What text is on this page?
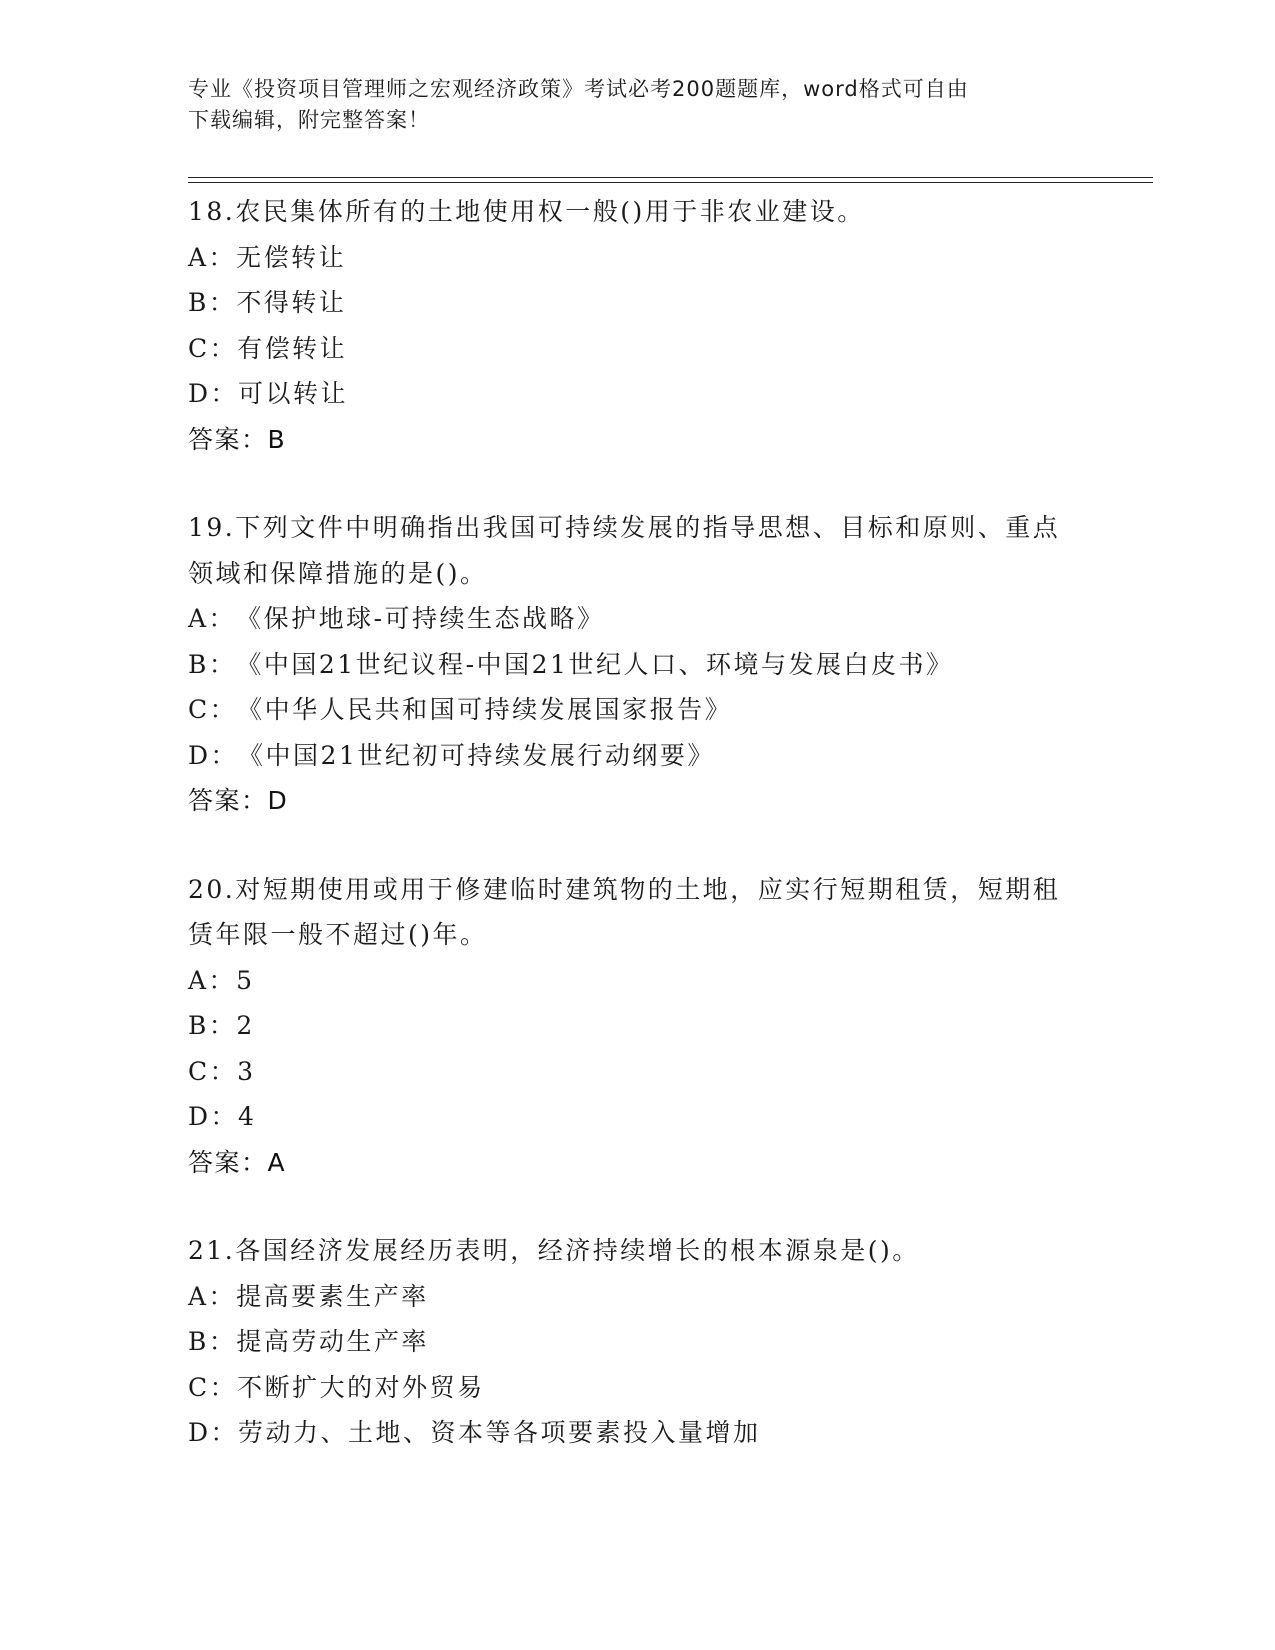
专业《投资项目管理师之宏观经济政策》考试必考200题题库，word格式可自由
下载编辑，附完整答案！
18.农民集体所有的土地使用权一般()用于非农业建设。
A：无偿转让
B：不得转让
C：有偿转让
D：可以转让
答案：B
19.下列文件中明确指出我国可持续发展的指导思想、目标和原则、重点领域和保障措施的是()。
A：《保护地球-可持续生态战略》
B：《中国21世纪议程-中国21世纪人口、环境与发展白皮书》
C：《中华人民共和国可持续发展国家报告》
D：《中国21世纪初可持续发展行动纲要》
答案：D
20.对短期使用或用于修建临时建筑物的土地，应实行短期租赁，短期租赁年限一般不超过()年。
A：5
B：2
C：3
D：4
答案：A
21.各国经济发展经历表明，经济持续增长的根本源泉是()。
A：提高要素生产率
B：提高劳动生产率
C：不断扩大的对外贸易
D：劳动力、土地、资本等各项要素投入量增加
